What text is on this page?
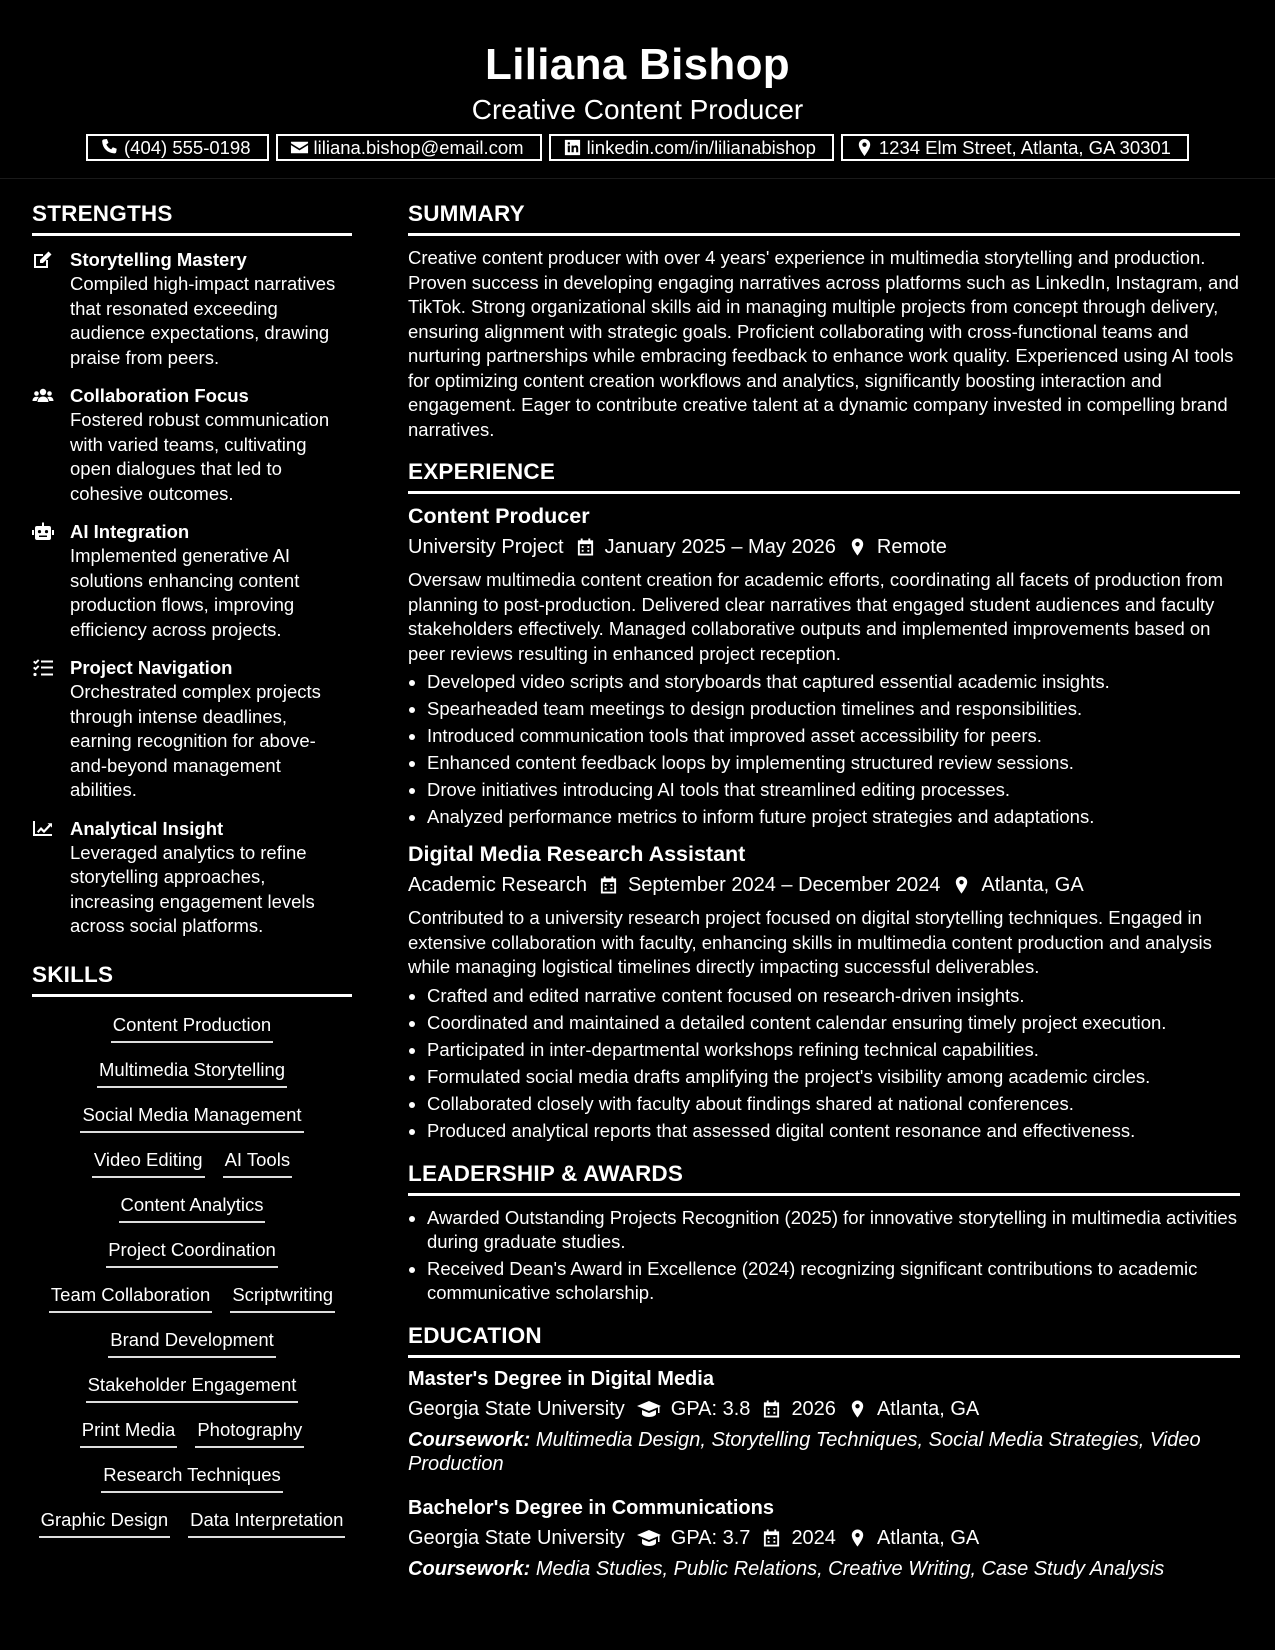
Liliana Bishop
Creative Content Producer
(404) 555-0198	liliana.bishop@email.com	linkedin.com/in/lilianabishop	1234 Elm Street, Atlanta, GA 30301
STRENGTHS
Storytelling Mastery
Compiled high-impact narratives that resonated exceeding audience expectations, drawing praise from peers.
Collaboration Focus
Fostered robust communication with varied teams, cultivating open dialogues that led to cohesive outcomes.
AI Integration
Implemented generative AI solutions enhancing content production flows, improving efficiency across projects.
Project Navigation
Orchestrated complex projects through intense deadlines, earning recognition for above-and-beyond management abilities.
Analytical Insight
Leveraged analytics to refine storytelling approaches, increasing engagement levels across social platforms.
SKILLS
Content Production
Multimedia Storytelling
Social Media Management
Video Editing AI Tools
Content Analytics
Project Coordination
Team Collaboration Scriptwriting
Brand Development
Stakeholder Engagement
Print Media Photography
Research Techniques
Graphic Design Data Interpretation
SUMMARY
Creative content producer with over 4 years' experience in multimedia storytelling and production. Proven success in developing engaging narratives across platforms such as LinkedIn, Instagram, and TikTok. Strong organizational skills aid in managing multiple projects from concept through delivery, ensuring alignment with strategic goals. Proficient collaborating with cross-functional teams and nurturing partnerships while embracing feedback to enhance work quality. Experienced using AI tools for optimizing content creation workflows and analytics, significantly boosting interaction and engagement. Eager to contribute creative talent at a dynamic company invested in compelling brand narratives.
EXPERIENCE
Content Producer
University Project January 2025 – May 2026 Remote
Oversaw multimedia content creation for academic efforts, coordinating all facets of production from planning to post-production. Delivered clear narratives that engaged student audiences and faculty stakeholders effectively. Managed collaborative outputs and implemented improvements based on peer reviews resulting in enhanced project reception.
• Developed video scripts and storyboards that captured essential academic insights.
• Spearheaded team meetings to design production timelines and responsibilities.
• Introduced communication tools that improved asset accessibility for peers.
• Enhanced content feedback loops by implementing structured review sessions.
• Drove initiatives introducing AI tools that streamlined editing processes.
• Analyzed performance metrics to inform future project strategies and adaptations.
Digital Media Research Assistant
Academic Research September 2024 – December 2024 Atlanta, GA
Contributed to a university research project focused on digital storytelling techniques. Engaged in extensive collaboration with faculty, enhancing skills in multimedia content production and analysis while managing logistical timelines directly impacting successful deliverables.
• Crafted and edited narrative content focused on research-driven insights.
• Coordinated and maintained a detailed content calendar ensuring timely project execution.
• Participated in inter-departmental workshops refining technical capabilities.
• Formulated social media drafts amplifying the project's visibility among academic circles.
• Collaborated closely with faculty about findings shared at national conferences.
• Produced analytical reports that assessed digital content resonance and effectiveness.
LEADERSHIP & AWARDS
• Awarded Outstanding Projects Recognition (2025) for innovative storytelling in multimedia activities during graduate studies.
• Received Dean's Award in Excellence (2024) recognizing significant contributions to academic communicative scholarship.
EDUCATION
Master's Degree in Digital Media
Georgia State University GPA: 3.8 2026 Atlanta, GA
Coursework: Multimedia Design, Storytelling Techniques, Social Media Strategies, Video Production
Bachelor's Degree in Communications
Georgia State University GPA: 3.7 2024 Atlanta, GA
Coursework: Media Studies, Public Relations, Creative Writing, Case Study Analysis
